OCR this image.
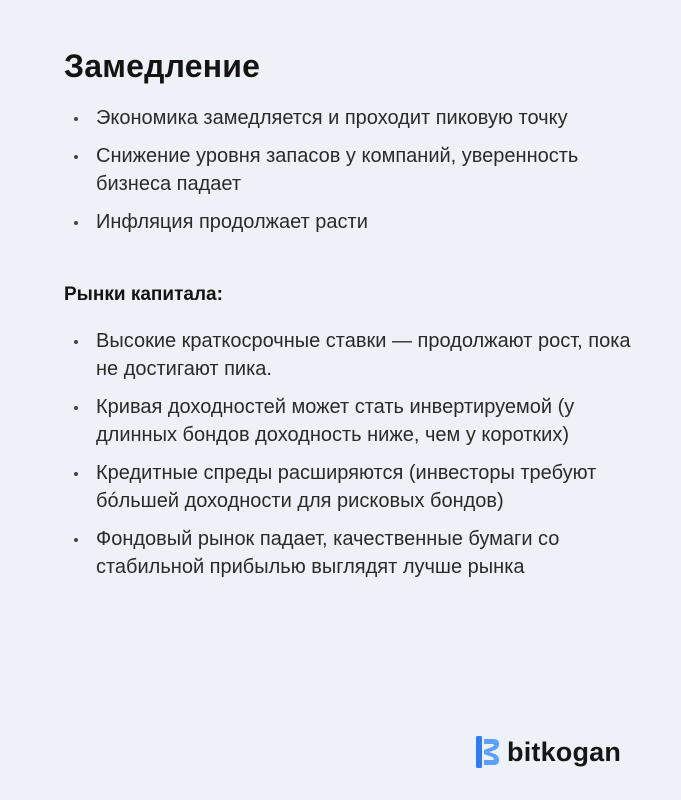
Замедление
Экономика замедляется и проходит пиковую точку
Снижение уровня запасов у компаний, уверенность бизнеса падает
Инфляция продолжает расти
Рынки капитала:
Высокие краткосрочные ставки — продолжают рост, пока не достигают пика.
Кривая доходностей может стать инвертируемой (у длинных бондов доходность ниже, чем у коротких)
Кредитные спреды расширяются (инвесторы требуют бóльшей доходности для рисковых бондов)
Фондовый рынок падает, качественные бумаги со стабильной прибылью выглядят лучше рынка
bitkogan
